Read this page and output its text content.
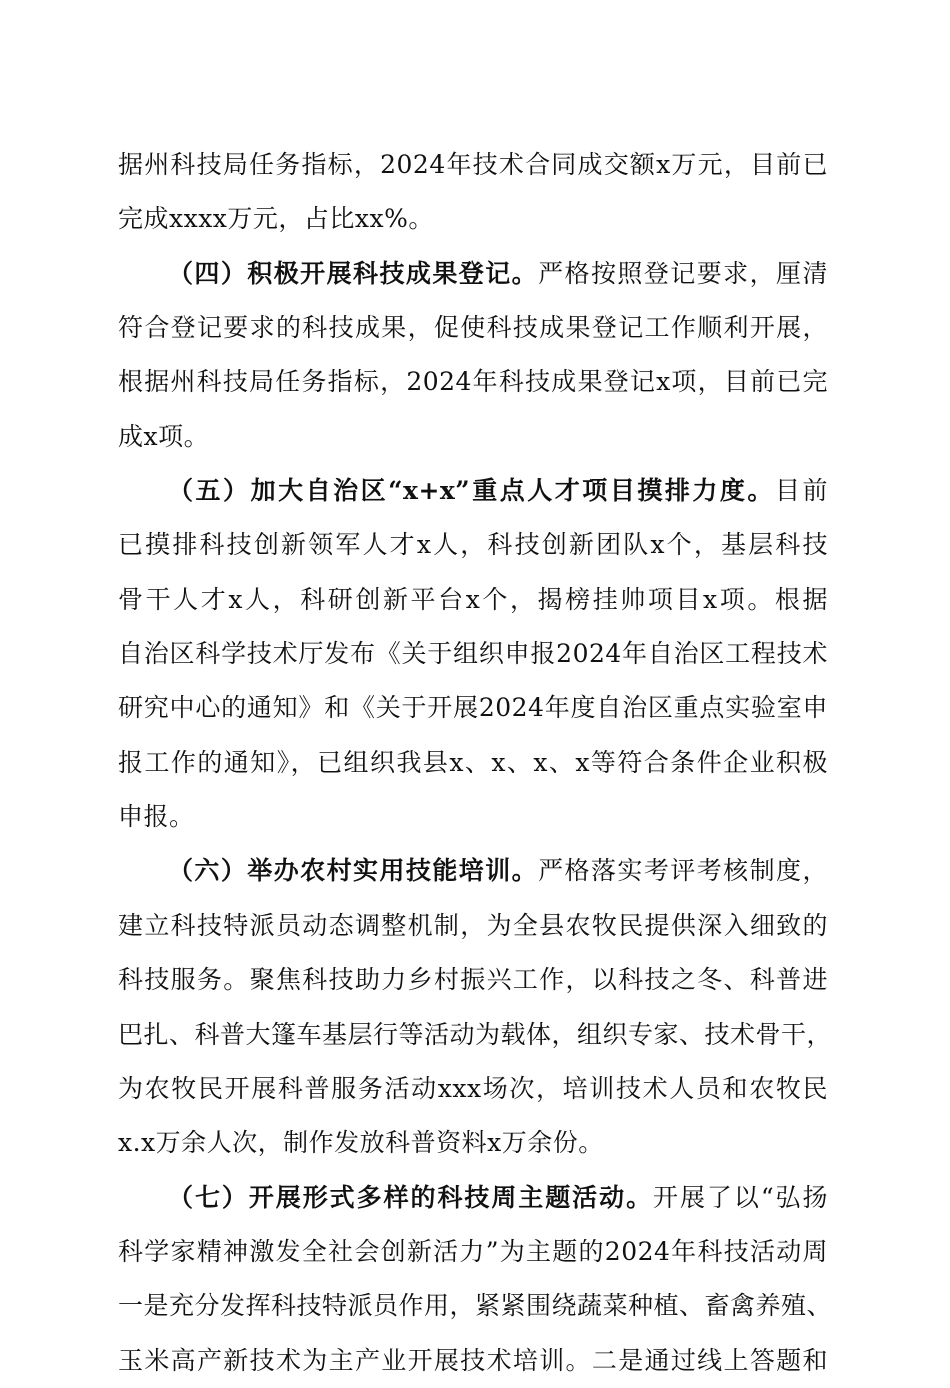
据州科技局任务指标，2024年技术合同成交额x万元，目前已
完成xxxx万元，占比xx%。
（四）积极开展科技成果登记。严格按照登记要求，厘清
符合登记要求的科技成果，促使科技成果登记工作顺利开展，
根据州科技局任务指标，2024年科技成果登记x项，目前已完
成x项。
（五）加大自治区“x+x”重点人才项目摸排力度。目前
已摸排科技创新领军人才x人，科技创新团队x个，基层科技
骨干人才x人，科研创新平台x个，揭榜挂帅项目x项。根据
自治区科学技术厅发布《关于组织申报2024年自治区工程技术
研究中心的通知》和《关于开展2024年度自治区重点实验室申
报工作的通知》，已组织我县x、x、x、x等符合条件企业积极
申报。
（六）举办农村实用技能培训。严格落实考评考核制度，
建立科技特派员动态调整机制，为全县农牧民提供深入细致的
科技服务。聚焦科技助力乡村振兴工作，以科技之冬、科普进
巴扎、科普大篷车基层行等活动为载体，组织专家、技术骨干，
为农牧民开展科普服务活动xxx场次，培训技术人员和农牧民
x.x万余人次，制作发放科普资料x万余份。
（七）开展形式多样的科技周主题活动。开展了以“弘扬
科学家精神激发全社会创新活力”为主题的2024年科技活动周
一是充分发挥科技特派员作用，紧紧围绕蔬菜种植、畜禽养殖、
玉米高产新技术为主产业开展技术培训。二是通过线上答题和
